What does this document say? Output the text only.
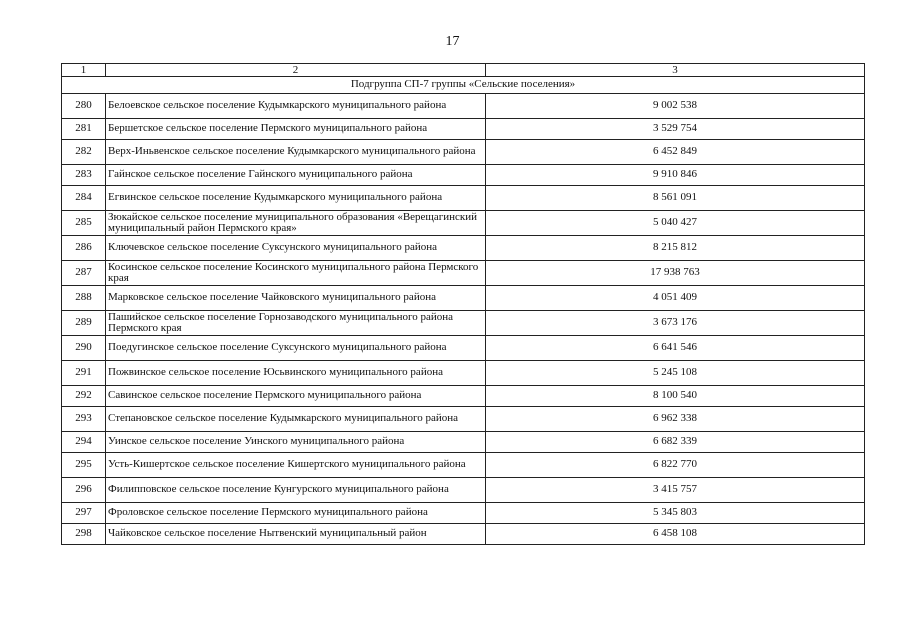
17
1	2	3
Подгруппа СП-7 группы «Сельские поселения»		
280	Белоевское сельское поселение Кудымкарского муниципального района	9 002 538
281	Бершетское сельское поселение Пермского муниципального района	3 529 754
282	Верх-Иньвенское сельское поселение Кудымкарского муниципального района	6 452 849
283	Гайнское сельское поселение Гайнского муниципального района	9 910 846
284	Егвинское сельское поселение Кудымкарского муниципального района	8 561 091
285	Зюкайское сельское поселение муниципального образования «Верещагинский муниципальный район Пермского края»	5 040 427
286	Ключевское сельское поселение Суксунского муниципального района	8 215 812
287	Косинское сельское поселение Косинского муниципального района Пермского края	17 938 763
288	Марковское сельское поселение Чайковского муниципального района	4 051 409
289	Пашийское сельское поселение Горнозаводского муниципального района Пермского края	3 673 176
290	Поедугинское сельское поселение Суксунского муниципального района	6 641 546
291	Пожвинское сельское поселение Юсьвинского муниципального района	5 245 108
292	Савинское сельское поселение Пермского муниципального района	8 100 540
293	Степановское сельское поселение Кудымкарского муниципального района	6 962 338
294	Уинское сельское поселение Уинского муниципального района	6 682 339
295	Усть-Кишертское сельское поселение Кишертского муниципального района	6 822 770
296	Филипповское сельское поселение Кунгурского муниципального района	3 415 757
297	Фроловское сельское поселение Пермского муниципального района	5 345 803
298	Чайковское сельское поселение Нытвенский муниципальный район	6 458 108
